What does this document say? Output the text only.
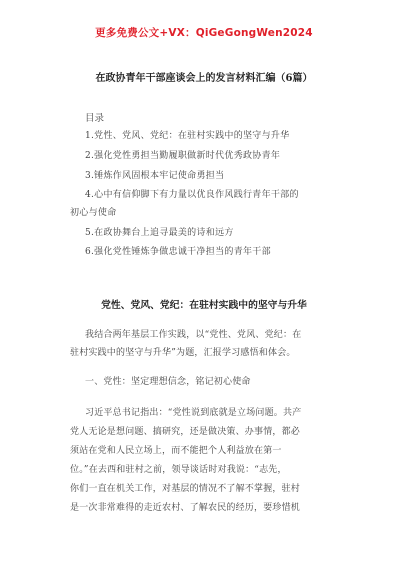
更多免费公文+VX：QiGeGongWen2024
在政协青年干部座谈会上的发言材料汇编（6篇）
目录
1.党性、党风、党纪：在驻村实践中的坚守与升华
2.强化党性勇担当勤履职做新时代优秀政协青年
3.锤炼作风固根本牢记使命勇担当
4.心中有信仰脚下有力量以优良作风践行青年干部的
初心与使命
5.在政协舞台上追寻最美的诗和远方
6.强化党性锤炼争做忠诚干净担当的青年干部
党性、党风、党纪：在驻村实践中的坚守与升华
我结合两年基层工作实践，以“党性、党风、党纪：在
驻村实践中的坚守与升华”为题，汇报学习感悟和体会。
一、党性：坚定理想信念，铭记初心使命
习近平总书记指出：“党性说到底就是立场问题。共产
党人无论是想问题、搞研究，还是做决策、办事情，都必
须站在党和人民立场上，而不能把个人利益放在第一
位。”在去西和驻村之前，领导谈话时对我说：“志先，
你们一直在机关工作，对基层的情况不了解不掌握，驻村
是一次非常难得的走近农村、了解农民的经历，要珍惜机
